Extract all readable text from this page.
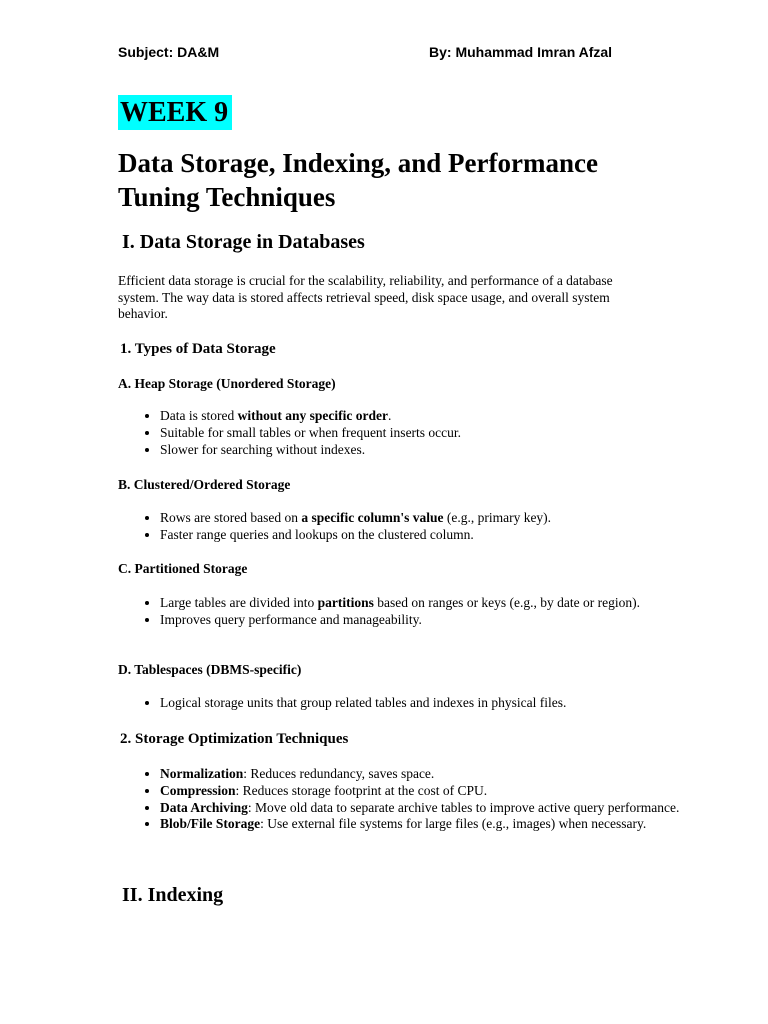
Subject: DA&M	By: Muhammad Imran Afzal
WEEK 9
Data Storage, Indexing, and Performance Tuning Techniques
I. Data Storage in Databases
Efficient data storage is crucial for the scalability, reliability, and performance of a database system. The way data is stored affects retrieval speed, disk space usage, and overall system behavior.
1. Types of Data Storage
A. Heap Storage (Unordered Storage)
• Data is stored without any specific order.
• Suitable for small tables or when frequent inserts occur.
• Slower for searching without indexes.
B. Clustered/Ordered Storage
• Rows are stored based on a specific column's value (e.g., primary key).
• Faster range queries and lookups on the clustered column.
C. Partitioned Storage
• Large tables are divided into partitions based on ranges or keys (e.g., by date or region).
• Improves query performance and manageability.
D. Tablespaces (DBMS-specific)
• Logical storage units that group related tables and indexes in physical files.
2. Storage Optimization Techniques
• Normalization: Reduces redundancy, saves space.
• Compression: Reduces storage footprint at the cost of CPU.
• Data Archiving: Move old data to separate archive tables to improve active query performance.
• Blob/File Storage: Use external file systems for large files (e.g., images) when necessary.
II. Indexing
